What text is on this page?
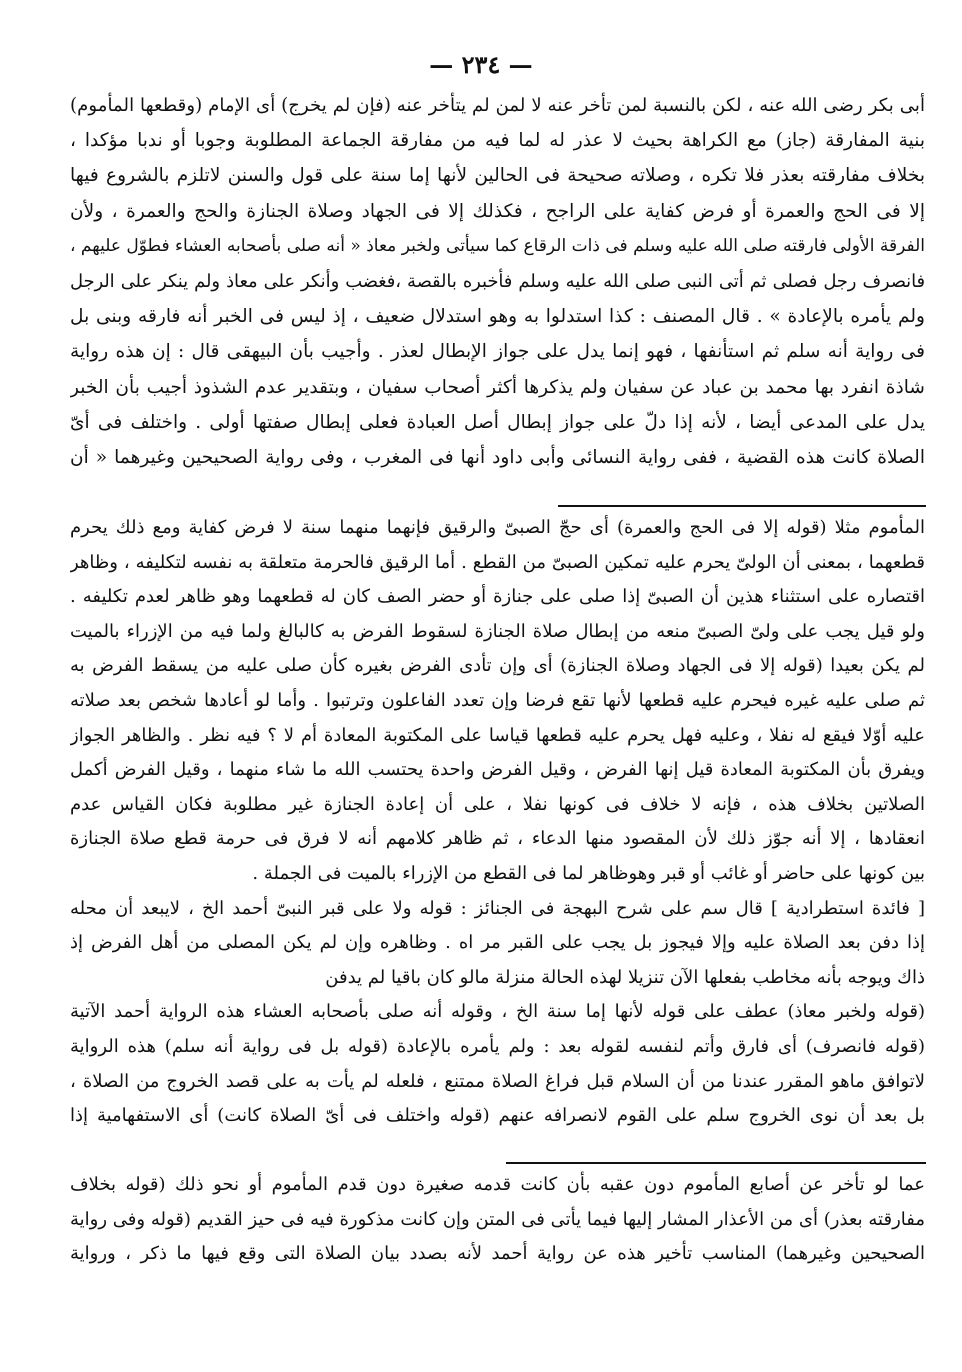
— ٢٣٤ —
أبى بكر رضى الله عنه ، لكن بالنسبة لمن تأخر عنه لا لمن لم يتأخر عنه (فإن لم يخرج) أى الإمام (وقطعها المأموم)
بنية المفارقة (جاز) مع الكراهة بحيث لا عذر له لما فيه من مفارقة الجماعة المطلوبة وجوبا أو ندبا مؤكدا ،
بخلاف مفارقته بعذر فلا تكره ، وصلاته صحيحة فى الحالين لأنها إما سنة على قول والسنن لاتلزم بالشروع فيها
إلا فى الحج والعمرة أو فرض كفاية على الراجح ، فكذلك إلا فى الجهاد وصلاة الجنازة والحج والعمرة ، ولأن
الفرقة الأولى فارقته صلى الله عليه وسلم فى ذات الرقاع كما سيأتى ولخبر معاذ « أنه صلى بأصحابه العشاء فطوّل عليهم ،
فانصرف رجل فصلى ثم أتى النبى صلى الله عليه وسلم فأخبره بالقصة ،فغضب وأنكر على معاذ ولم ينكر على الرجل
ولم يأمره بالإعادة » . قال المصنف : كذا استدلوا به وهو استدلال ضعيف ، إذ ليس فى الخبر أنه فارقه وبنى بل
فى رواية أنه سلم ثم استأنفها ، فهو إنما يدل على جواز الإبطال لعذر . وأجيب بأن البيهقى قال : إن هذه رواية
شاذة انفرد بها محمد بن عباد عن سفيان ولم يذكرها أكثر أصحاب سفيان ، وبتقدير عدم الشذوذ أجيب بأن الخبر
يدل على المدعى أيضا ، لأنه إذا دلّ على جواز إبطال أصل العبادة فعلى إبطال صفتها أولى . واختلف فى أىّ
الصلاة كانت هذه القضية ، ففى رواية النسائى وأبى داود أنها فى المغرب ، وفى رواية الصحيحين وغيرهما « أن
المأموم مثلا (قوله إلا فى الحج والعمرة) أى حجّ الصبىّ والرقيق فإنهما منهما سنة لا فرض كفاية ومع ذلك يحرم
قطعهما ، بمعنى أن الولىّ يحرم عليه تمكين الصبىّ من القطع . أما الرقيق فالحرمة متعلقة به نفسه لتكليفه ، وظاهر
اقتصاره على استثناء هذين أن الصبىّ إذا صلى على جنازة أو حضر الصف كان له قطعهما وهو ظاهر لعدم تكليفه .
ولو قيل يجب على ولىّ الصبىّ منعه من إبطال صلاة الجنازة لسقوط الفرض به كالبالغ ولما فيه من الإزراء بالميت
لم يكن بعيدا (قوله إلا فى الجهاد وصلاة الجنازة) أى وإن تأدى الفرض بغيره كأن صلى عليه من يسقط الفرض به
ثم صلى عليه غيره فيحرم عليه قطعها لأنها تقع فرضا وإن تعدد الفاعلون وترتبوا . وأما لو أعادها شخص بعد صلاته
عليه أوّلا فيقع له نفلا ، وعليه فهل يحرم عليه قطعها قياسا على المكتوبة المعادة أم لا ؟ فيه نظر . والظاهر الجواز
ويفرق بأن المكتوبة المعادة قيل إنها الفرض ، وقيل الفرض واحدة يحتسب الله ما شاء منهما ، وقيل الفرض أكمل
الصلاتين بخلاف هذه ، فإنه لا خلاف فى كونها نفلا ، على أن إعادة الجنازة غير مطلوبة فكان القياس عدم
انعقادها ، إلا أنه جوّز ذلك لأن المقصود منها الدعاء ، ثم ظاهر كلامهم أنه لا فرق فى حرمة قطع صلاة الجنازة
بين كونها على حاضر أو غائب أو قبر وهوظاهر لما فى القطع من الإزراء بالميت فى الجملة .
[ فائدة استطرادية ] قال سم على شرح البهجة فى الجنائز : قوله ولا على قبر النبىّ أحمد الخ ، لايبعد أن محله
إذا دفن بعد الصلاة عليه وإلا فيجوز بل يجب على القبر مر اه . وظاهره وإن لم يكن المصلى من أهل الفرض إذ
ذاك ويوجه بأنه مخاطب بفعلها الآن تنزيلا لهذه الحالة منزلة مالو كان باقيا لم يدفن
(قوله ولخبر معاذ) عطف على قوله لأنها إما سنة الخ ، وقوله أنه صلى بأصحابه العشاء هذه الرواية أحمد الآتية
(قوله فانصرف) أى فارق وأتم لنفسه لقوله بعد : ولم يأمره بالإعادة (قوله بل فى رواية أنه سلم) هذه الرواية
لاتوافق ماهو المقرر عندنا من أن السلام قبل فراغ الصلاة ممتنع ، فلعله لم يأت به على قصد الخروج من الصلاة ،
بل بعد أن نوى الخروج سلم على القوم لانصرافه عنهم (قوله واختلف فى أىّ الصلاة كانت) أى الاستفهامية إذا
عما لو تأخر عن أصابع المأموم دون عقبه بأن كانت قدمه صغيرة دون قدم المأموم أو نحو ذلك (قوله بخلاف
مفارقته بعذر) أى من الأعذار المشار إليها فيما يأتى فى المتن وإن كانت مذكورة فيه فى حيز القديم (قوله وفى رواية
الصحيحين وغيرهما) المناسب تأخير هذه عن رواية أحمد لأنه بصدد بيان الصلاة التى وقع فيها ما ذكر ، ورواية
